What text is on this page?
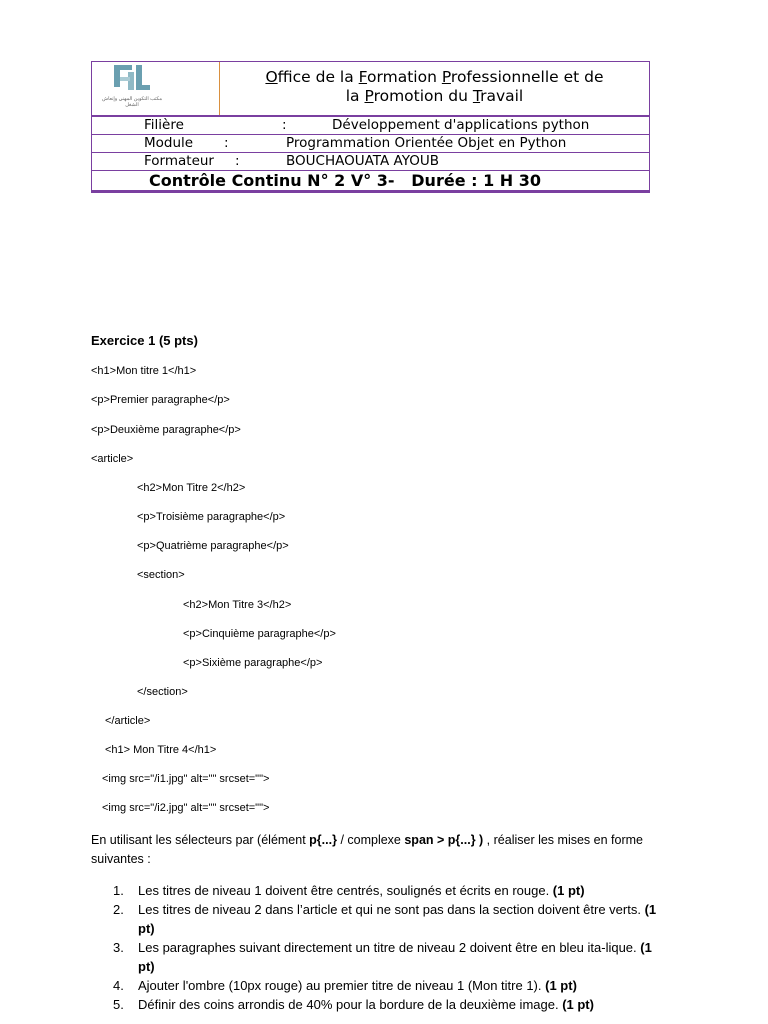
مكتب التكوين المهني وإنعاش الشغل
Office de la Formation Professionnelle et de
la Promotion du Travail
Filière	:	Développement d'applications python
Module :	Programmation Orientée Objet en Python
Formateur :	BOUCHAOUATA AYOUB
Contrôle Continu N° 2 V° 3-   Durée : 1 H 30
Exercice 1 (5 pts)
<h1>Mon titre 1</h1>
<p>Premier paragraphe</p>
<p>Deuxième paragraphe</p>
<article>
<h2>Mon Titre 2</h2>
<p>Troisième paragraphe</p>
<p>Quatrième paragraphe</p>
<section>
<h2>Mon Titre 3</h2>
<p>Cinquième paragraphe</p>
<p>Sixième paragraphe</p>
</section>
</article>
<h1> Mon Titre 4</h1>
<img src="/i1.jpg" alt="" srcset="">
<img src="/i2.jpg" alt="" srcset="">
En utilisant les sélecteurs par (élément p{...} / complexe span > p{...} ) , réaliser les mises en forme suivantes :
1. Les titres de niveau 1 doivent être centrés, soulignés et écrits en rouge. (1 pt)
2. Les titres de niveau 2 dans l’article et qui ne sont pas dans la section doivent être verts. (1 pt)
3. Les paragraphes suivant directement un titre de niveau 2 doivent être en bleu ita-lique. (1 pt)
4. Ajouter l'ombre (10px rouge) au premier titre de niveau 1 (Mon titre 1). (1 pt)
5. Définir des coins arrondis de 40% pour la bordure de la deuxième image. (1 pt)
